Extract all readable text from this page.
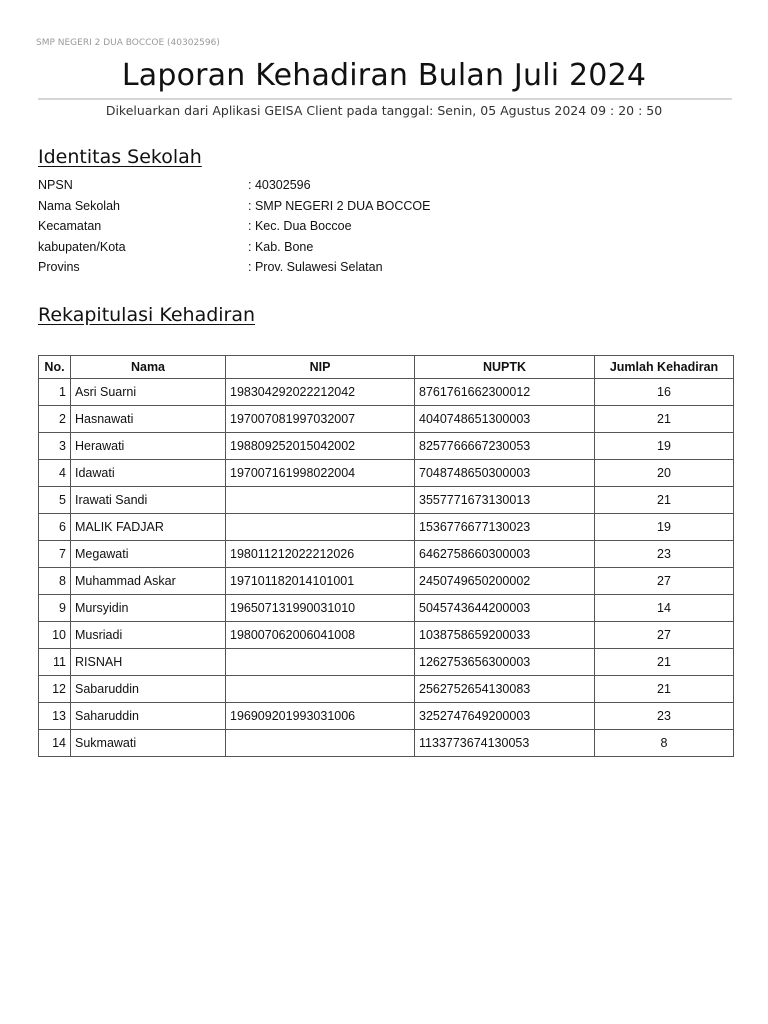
SMP NEGERI 2 DUA BOCCOE (40302596)
Laporan Kehadiran Bulan Juli 2024
Dikeluarkan dari Aplikasi GEISA Client pada tanggal: Senin, 05 Agustus 2024 09 : 20 : 50
Identitas Sekolah
NPSN	: 40302596
Nama Sekolah	: SMP NEGERI 2 DUA BOCCOE
Kecamatan	: Kec. Dua Boccoe
kabupaten/Kota	: Kab. Bone
Provins	: Prov. Sulawesi Selatan
Rekapitulasi Kehadiran
No.	Nama	NIP	NUPTK	Jumlah Kehadiran
1	Asri Suarni	198304292022212042	8761761662300012	16
2	Hasnawati	197007081997032007	4040748651300003	21
3	Herawati	198809252015042002	8257766667230053	19
4	Idawati	197007161998022004	7048748650300003	20
5	Irawati Sandi		3557771673130013	21
6	MALIK FADJAR		1536776677130023	19
7	Megawati	198011212022212026	6462758660300003	23
8	Muhammad Askar	197101182014101001	2450749650200002	27
9	Mursyidin	196507131990031010	5045743644200003	14
10	Musriadi	198007062006041008	1038758659200033	27
11	RISNAH		1262753656300003	21
12	Sabaruddin		2562752654130083	21
13	Saharuddin	196909201993031006	3252747649200003	23
14	Sukmawati		1133773674130053	8
